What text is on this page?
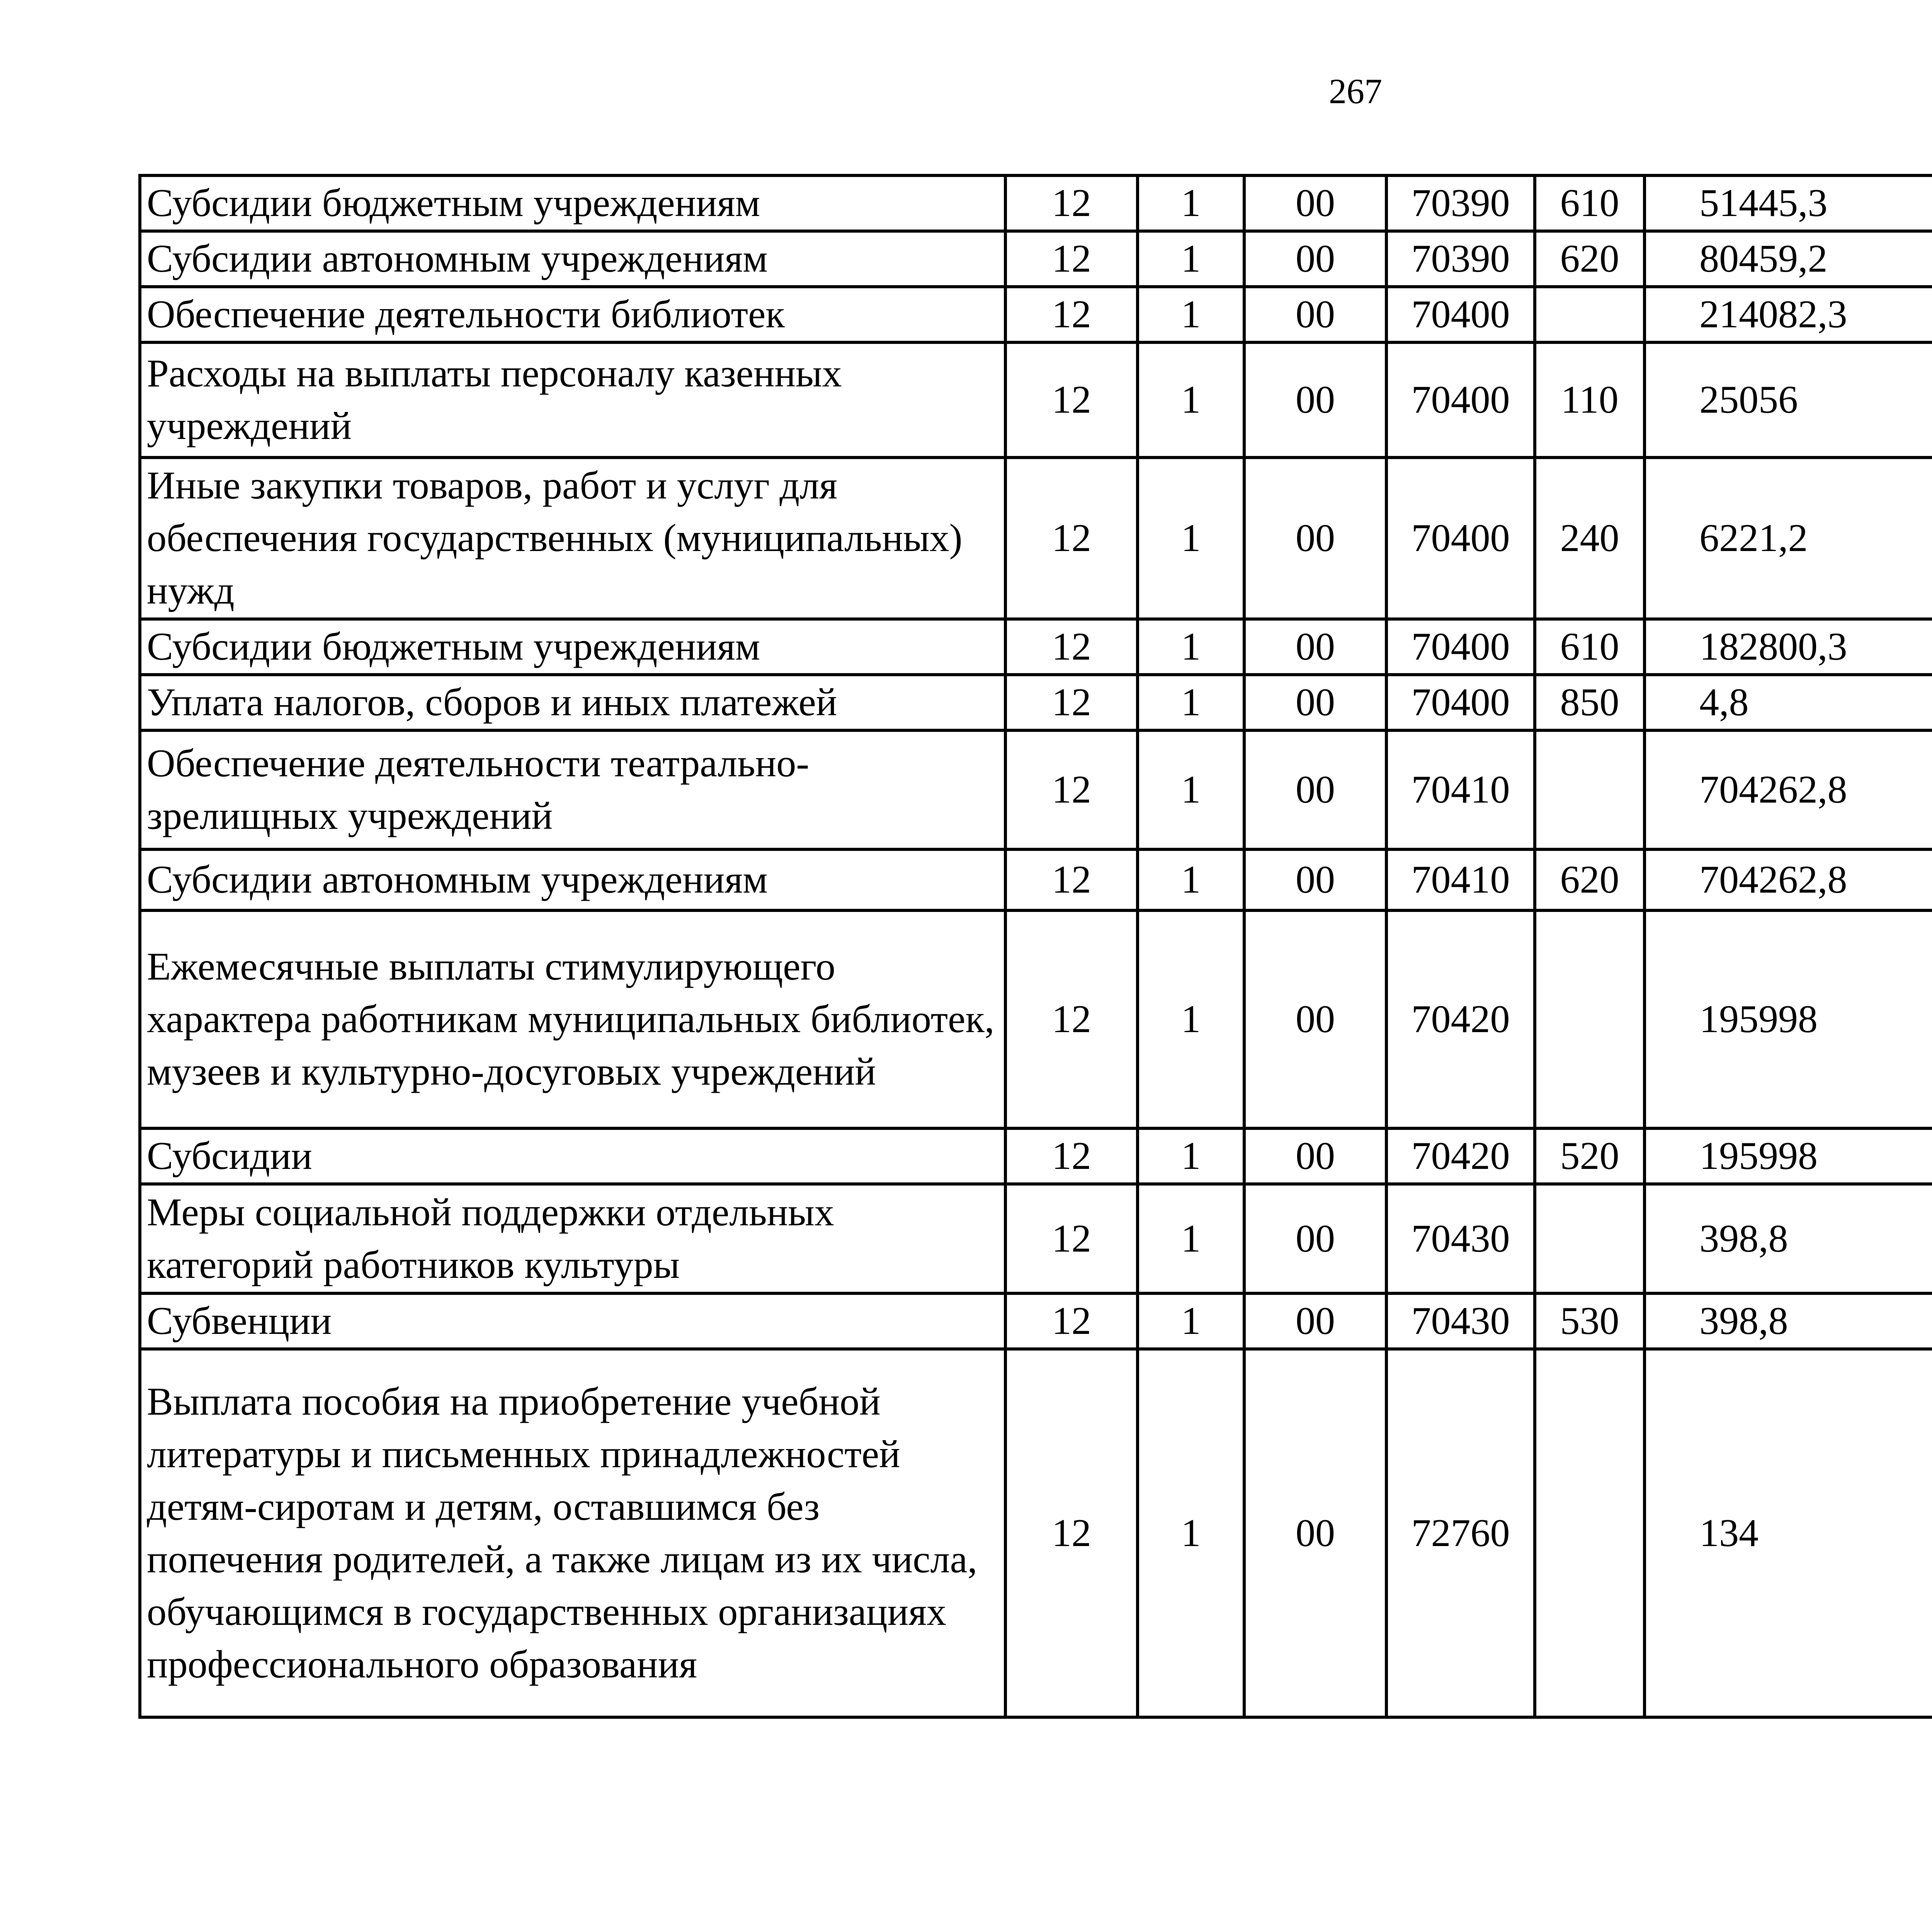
267
Субсидии бюджетным учреждениям	12	1	00	70390	610	51445,3		
Субсидии автономным учреждениям	12	1	00	70390	620	80459,2		
Обеспечение деятельности библиотек	12	1	00	70400		214082,3		
Расходы на выплаты персоналу казенных учреждений	12	1	00	70400	110	25056		
Иные закупки товаров, работ и услуг для обеспечения государственных (муниципальных) нужд	12	1	00	70400	240	6221,2		
Субсидии бюджетным учреждениям	12	1	00	70400	610	182800,3		
Уплата налогов, сборов и иных платежей	12	1	00	70400	850	4,8		
Обеспечение деятельности театрально-зрелищных учреждений	12	1	00	70410		704262,8		
Субсидии автономным учреждениям	12	1	00	70410	620	704262,8		
Ежемесячные выплаты стимулирующего характера работникам муниципальных библиотек, музеев и культурно-досуговых учреждений	12	1	00	70420		195998		
Субсидии	12	1	00	70420	520	195998		
Меры социальной поддержки отдельных категорий работников культуры	12	1	00	70430		398,8		
Субвенции	12	1	00	70430	530	398,8		
Выплата пособия на приобретение учебной литературы и письменных принадлежностей детям-сиротам и детям, оставшимся без попечения родителей, а также лицам из их числа, обучающимся в государственных организациях профессионального образования	12	1	00	72760		134		
